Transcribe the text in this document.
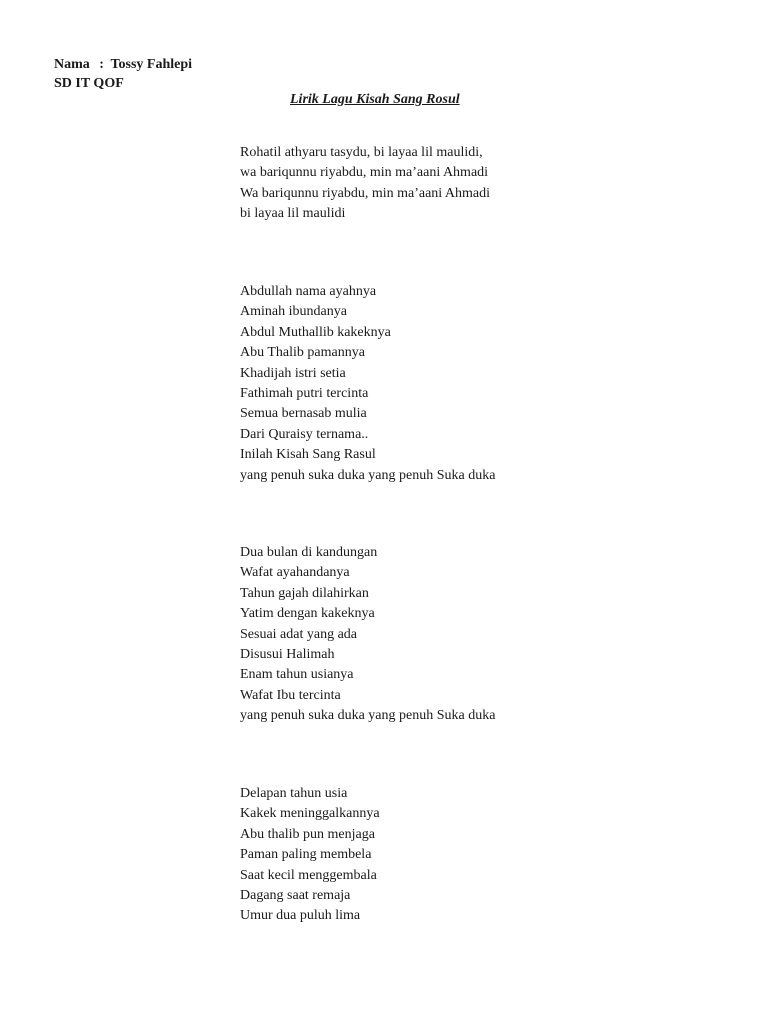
Nama : Tossy Fahlepi
SD IT QOF
Lirik Lagu Kisah Sang Rosul
Rohatil athyaru tasydu, bi layaa lil maulidi,
wa bariqunnu riyabdu, min ma’aani Ahmadi
Wa bariqunnu riyabdu, min ma’aani Ahmadi
bi layaa lil maulidi
Abdullah nama ayahnya
Aminah ibundanya
Abdul Muthallib kakeknya
Abu Thalib pamannya
Khadijah istri setia
Fathimah putri tercinta
Semua bernasab mulia
Dari Quraisy ternama..
Inilah Kisah Sang Rasul
yang penuh suka duka yang penuh Suka duka
Dua bulan di kandungan
Wafat ayahandanya
Tahun gajah dilahirkan
Yatim dengan kakeknya
Sesuai adat yang ada
Disusui Halimah
Enam tahun usianya
Wafat Ibu tercinta
yang penuh suka duka yang penuh Suka duka
Delapan tahun usia
Kakek meninggalkannya
Abu thalib pun menjaga
Paman paling membela
Saat kecil menggembala
Dagang saat remaja
Umur dua puluh lima
